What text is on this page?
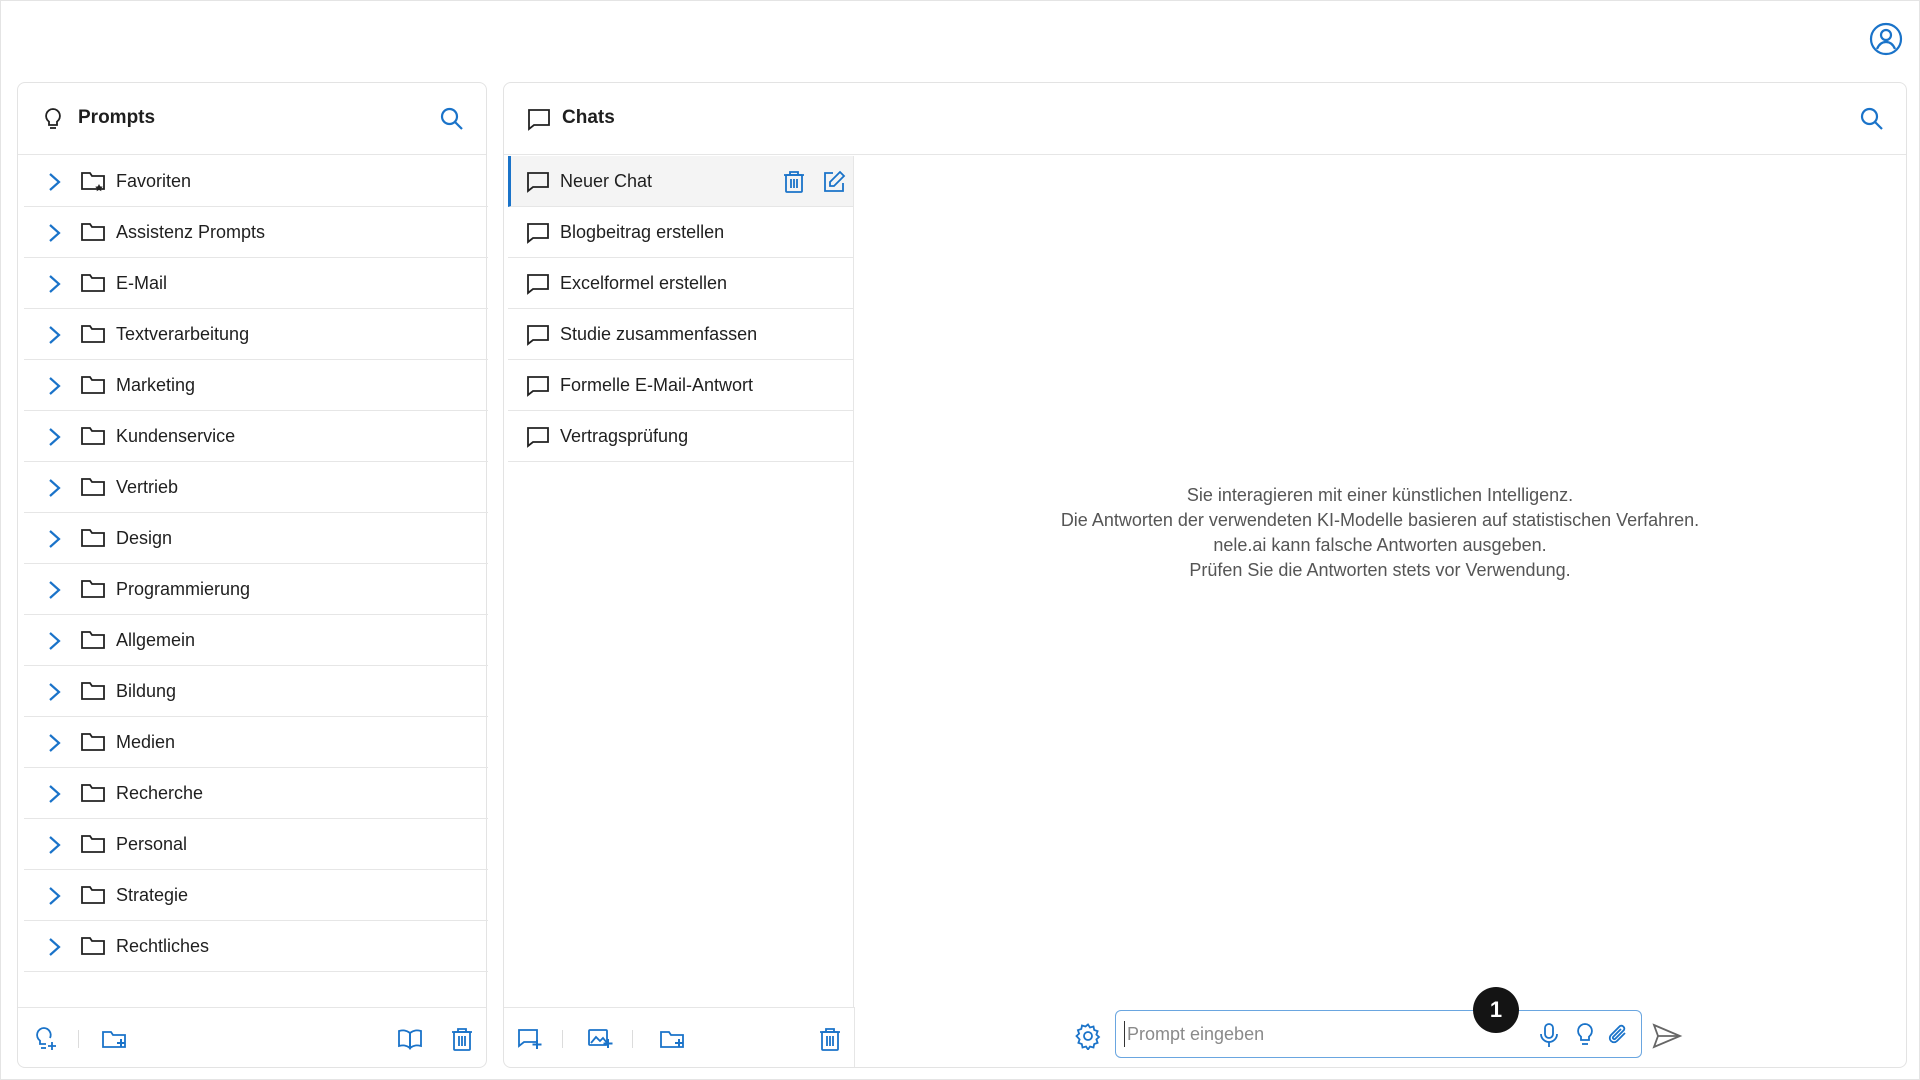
Prompts
Favoriten
Assistenz Prompts
E-Mail
Textverarbeitung
Marketing
Kundenservice
Vertrieb
Design
Programmierung
Allgemein
Bildung
Medien
Recherche
Personal
Strategie
Rechtliches
Chats
Neuer Chat
Blogbeitrag erstellen
Excelformel erstellen
Studie zusammenfassen
Formelle E-Mail-Antwort
Vertragsprüfung
Sie interagieren mit einer künstlichen Intelligenz.
Die Antworten der verwendeten KI-Modelle basieren auf statistischen Verfahren.
nele.ai kann falsche Antworten ausgeben.
Prüfen Sie die Antworten stets vor Verwendung.
Prompt eingeben
1
